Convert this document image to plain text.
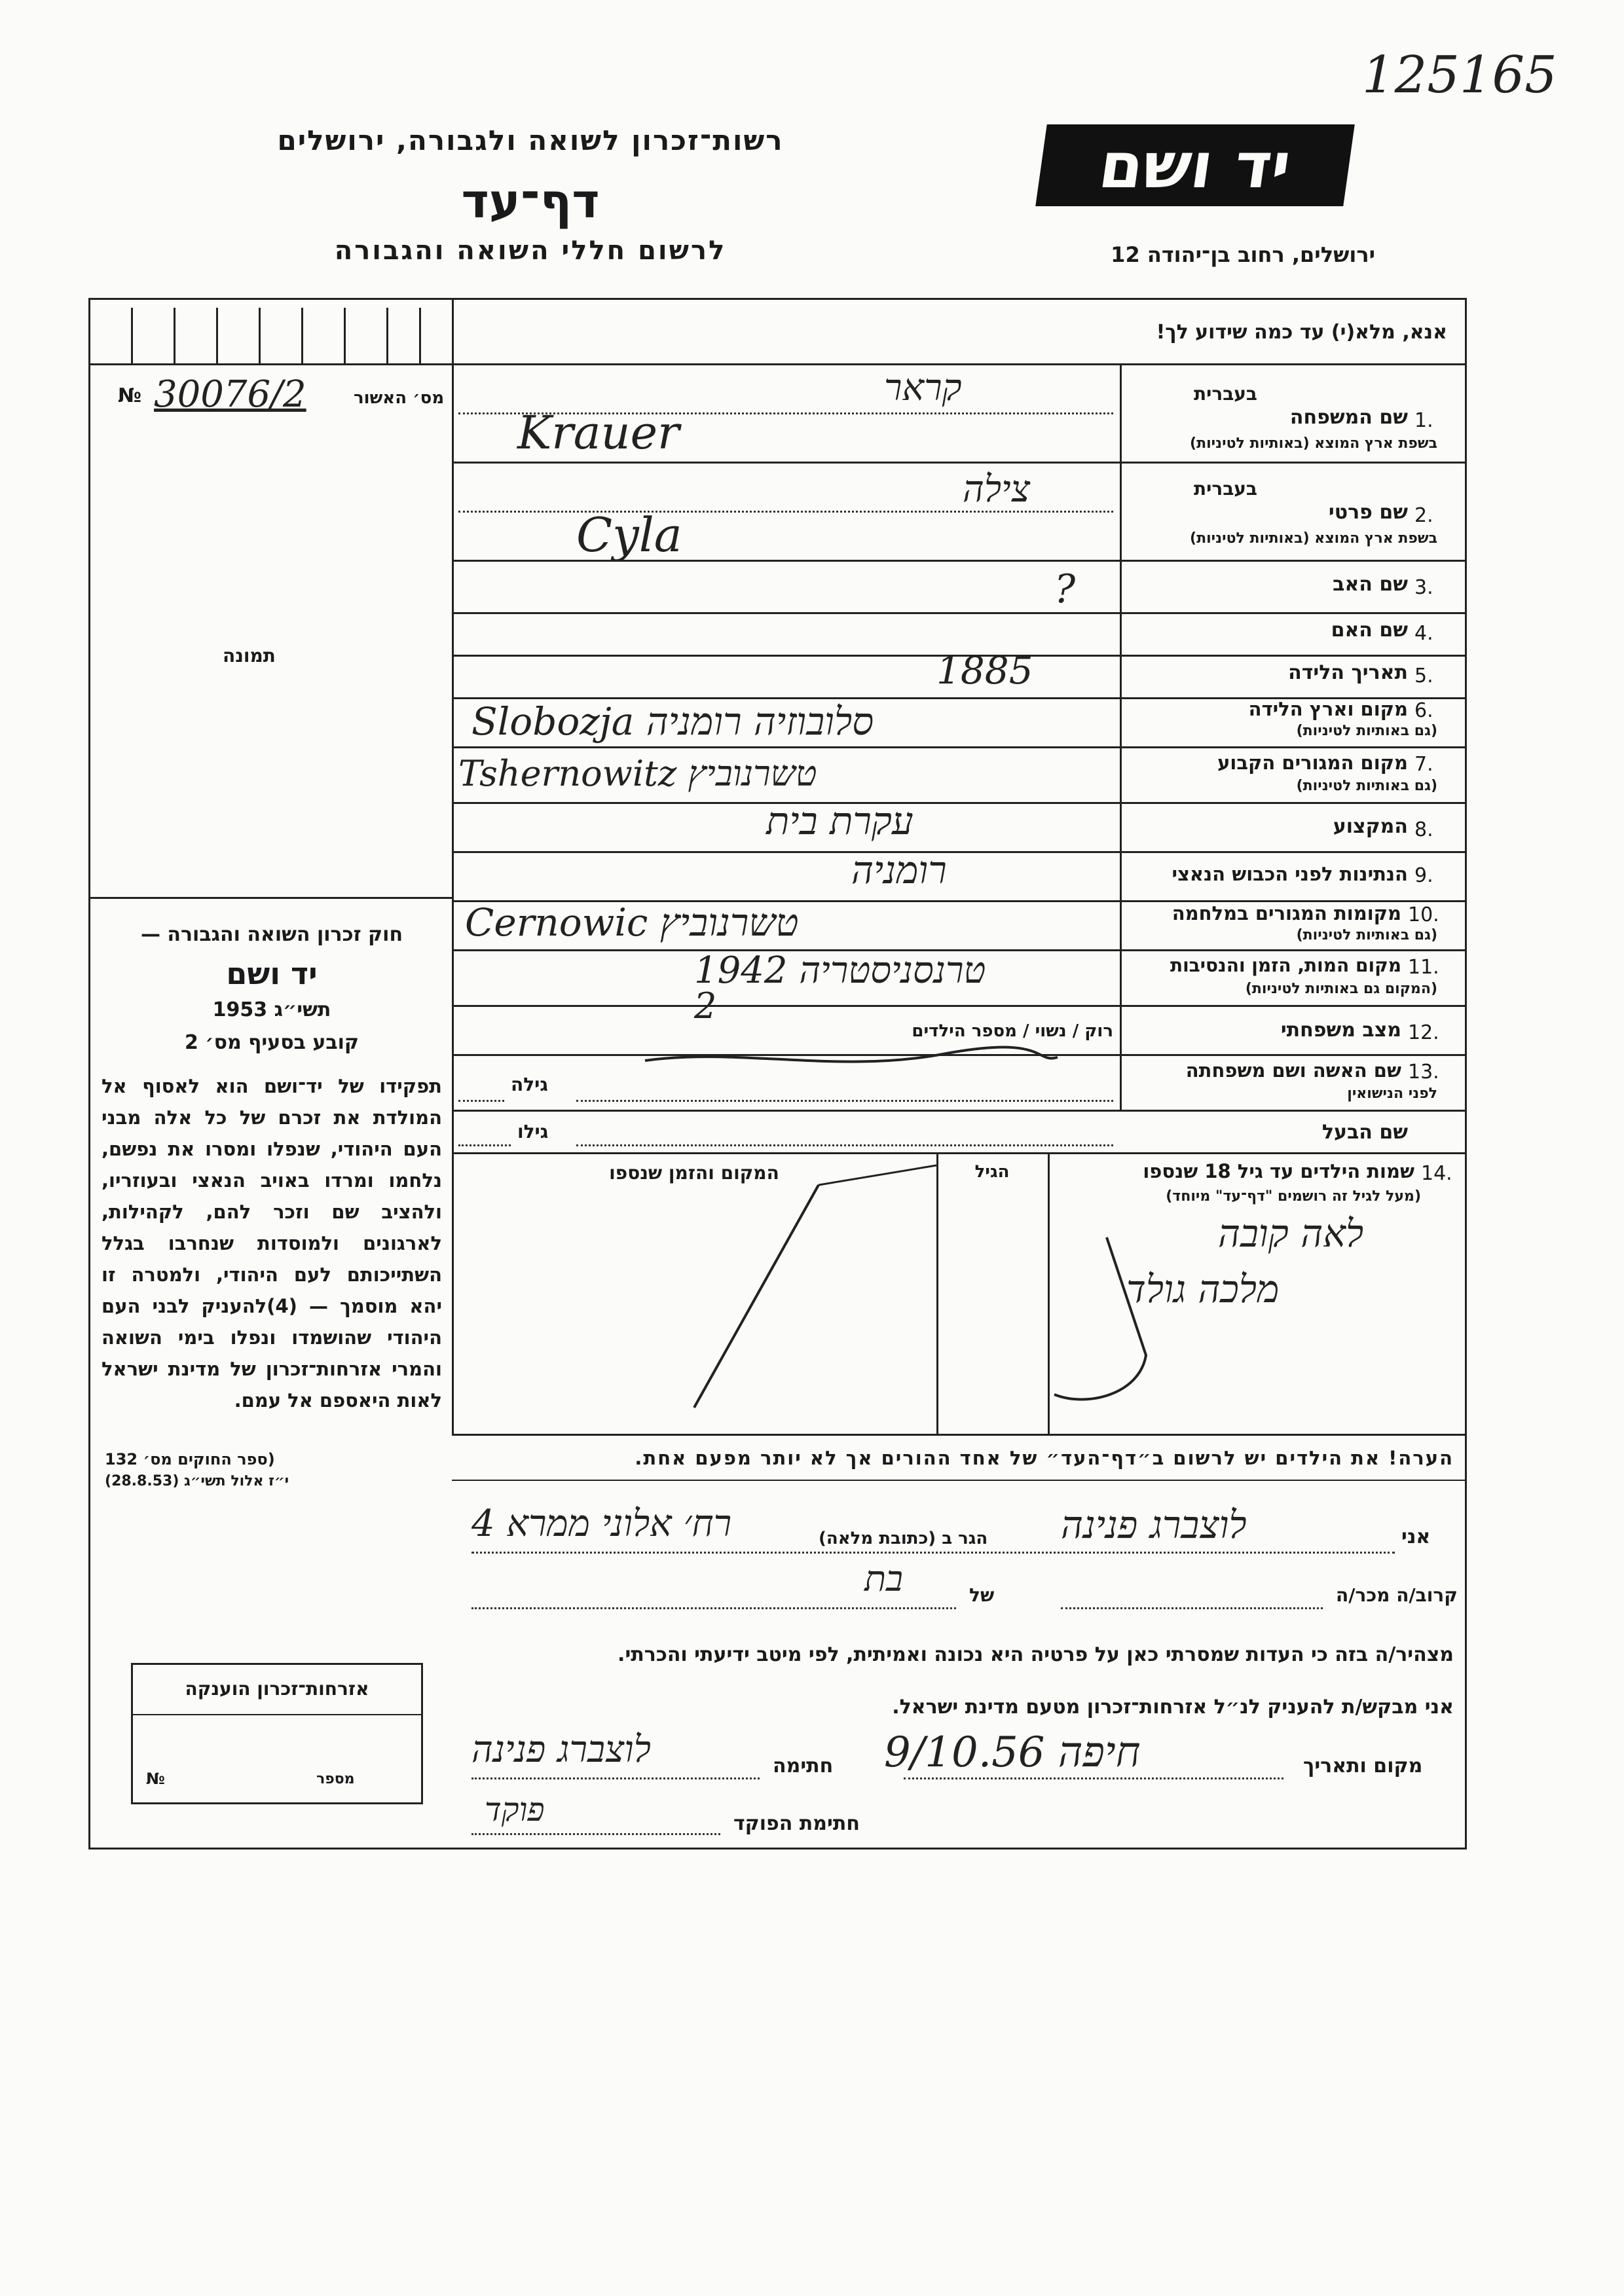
125165
רשות־זכרון לשואה ולגבורה, ירושלים
דף־עד
לרשום חללי השואה והגבורה
יד ושם
ירושלים, רחוב בן־יהודה 12
אנא, מלא(י) עד כמה שידוע לך!
№ 30076/2	מס׳ האשור
תמונה
חוק זכרון השואה והגבורה —
יד ושם
תשי״ג 1953
קובע בסעיף מס׳ 2
תפקידו של יד־ושם הוא לאסוף אל המולדת את זכרם של כל אלה מבני העם היהודי, שנפלו ומסרו את נפשם, נלחמו ומרדו באויב הנאצי ובעוזריו, ולהציב שם וזכר להם, לקהילות, לארגונים ולמוסדות שנחרבו בגלל השתייכותם לעם היהודי, ולמטרה זו יהא מוסמך — (4)להעניק לבני העם היהודי שהושמדו ונפלו בימי השואה והמרי אזרחות־זכרון של מדינת ישראל לאות היאספם אל עמם.
(ספר החוקים מס׳ 132
י״ז אלול תשי״ג (28.8.53)
1.
שם המשפחה
בעברית
בשפת ארץ המוצא (באותיות לטיניות)
קראר
Krauer
2.
שם פרטי
בעברית
בשפת ארץ המוצא (באותיות לטיניות)
צילה
Cyla
3.
שם האב
?
4.
שם האם
5.
תאריך הלידה
1885
6.
מקום וארץ הלידה
(גם באותיות לטיניות)
Slobozja סלובוזיה רומניה
7.
מקום המגורים הקבוע
(גם באותיות לטיניות)
Tshernowitz טשרנוביץ
8.
המקצוע
עקרת בית
9.
הנתינות לפני הכבוש הנאצי
רומניה
10.
מקומות המגורים במלחמה
(גם באותיות לטיניות)
Cernowic טשרנוביץ
11.
מקום המות, הזמן והנסיבות
(המקום גם באותיות לטיניות)
טרנסניסטריה 1942
12.
מצב משפחתי
רוק / נשוי / מספר הילדים
2
13.
שם האשה ושם משפחתה
לפני הנישואין
גילה
שם הבעל
גילו
14.
שמות הילדים עד גיל 18 שנספו
(מעל לגיל זה רושמים "דף־עד" מיוחד)
הגיל
המקום והזמן שנספו
לאה קובה
מלכה גולד
הערה! את הילדים יש לרשום ב״דף־העד״ של אחד ההורים אך לא יותר מפעם אחת.
אני
לוצברג פנינה
הגר ב (כתובת מלאה)
רח׳ אלוני ממרא 4
קרוב/ה מכר/ה
של
בת
מצהיר/ה בזה כי העדות שמסרתי כאן על פרטיה היא נכונה ואמיתית, לפי מיטב ידיעתי והכרתי.
אני מבקש/ת להעניק לנ״ל אזרחות־זכרון מטעם מדינת ישראל.
מקום ותאריך
חיפה 9/10.56
חתימה
לוצברג פנינה
חתימת הפוקד
פוקד
אזרחות־זכרון הוענקה
№	מספר
